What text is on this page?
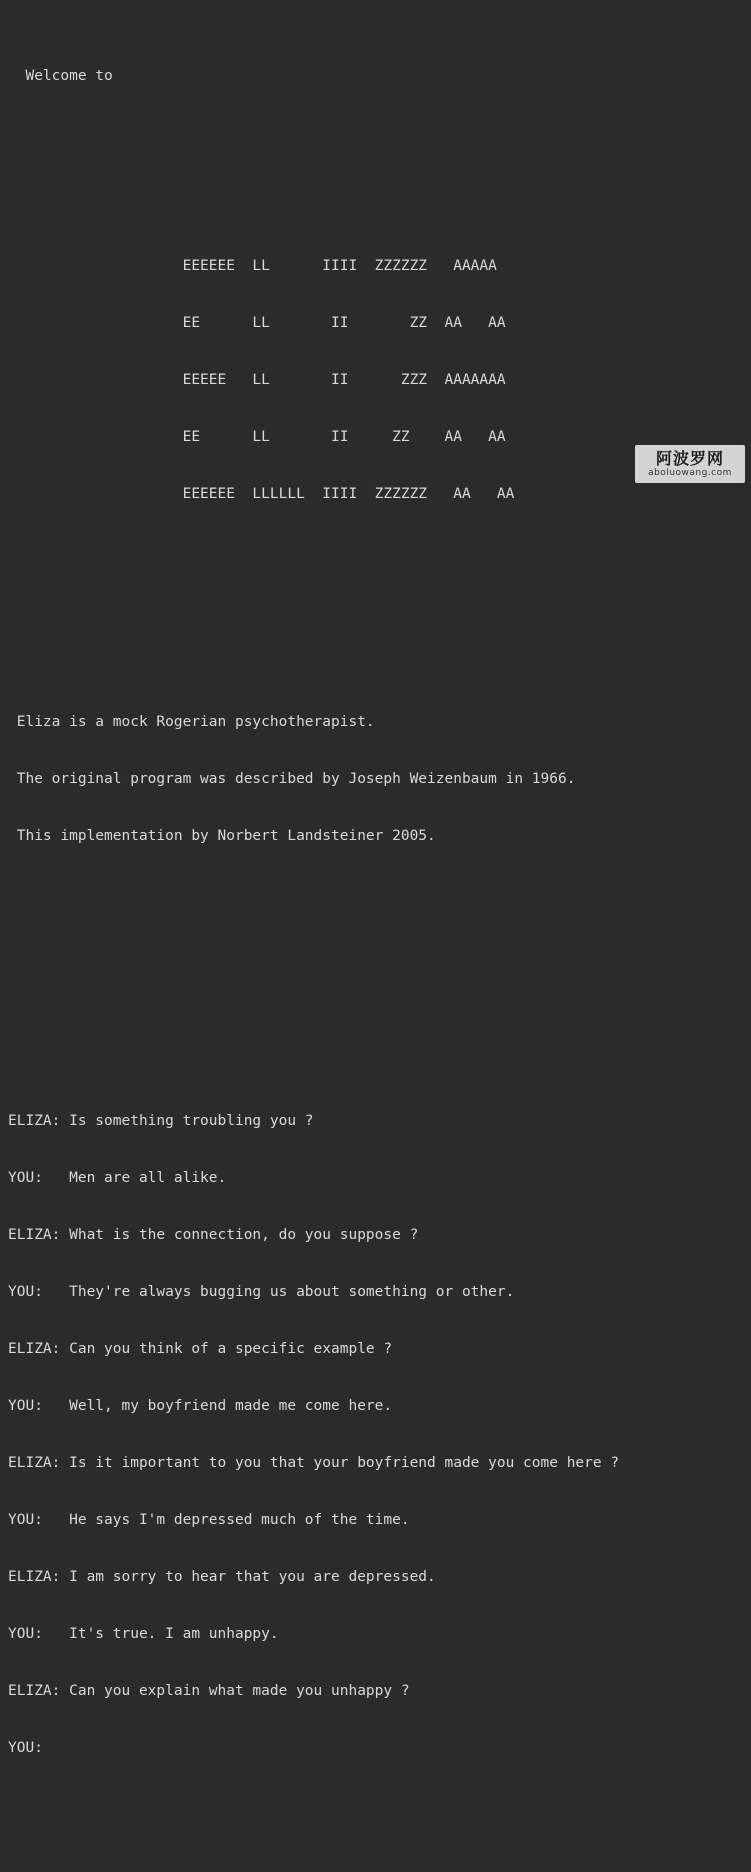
Welcome to

EEEEEE  LL      IIII  ZZZZZZ   AAAAA

EE      LL       II       ZZ  AA   AA

EEEEE   LL       II      ZZZ  AAAAAAA

EE      LL       II     ZZ    AA   AA

EEEEEE  LLLLLL  IIII  ZZZZZZ   AA   AA

Eliza is a mock Rogerian psychotherapist.

The original program was described by Joseph Weizenbaum in 1966.

This implementation by Norbert Landsteiner 2005.

ELIZA: Is something troubling you ?

YOU:   Men are all alike.

ELIZA: What is the connection, do you suppose ?

YOU:   They're always bugging us about something or other.

ELIZA: Can you think of a specific example ?

YOU:   Well, my boyfriend made me come here.

ELIZA: Is it important to you that your boyfriend made you come here ?

YOU:   He says I'm depressed much of the time.

ELIZA: I am sorry to hear that you are depressed.

YOU:   It's true. I am unhappy.

ELIZA: Can you explain what made you unhappy ?

YOU:

阿波罗网
aboluowang.com
